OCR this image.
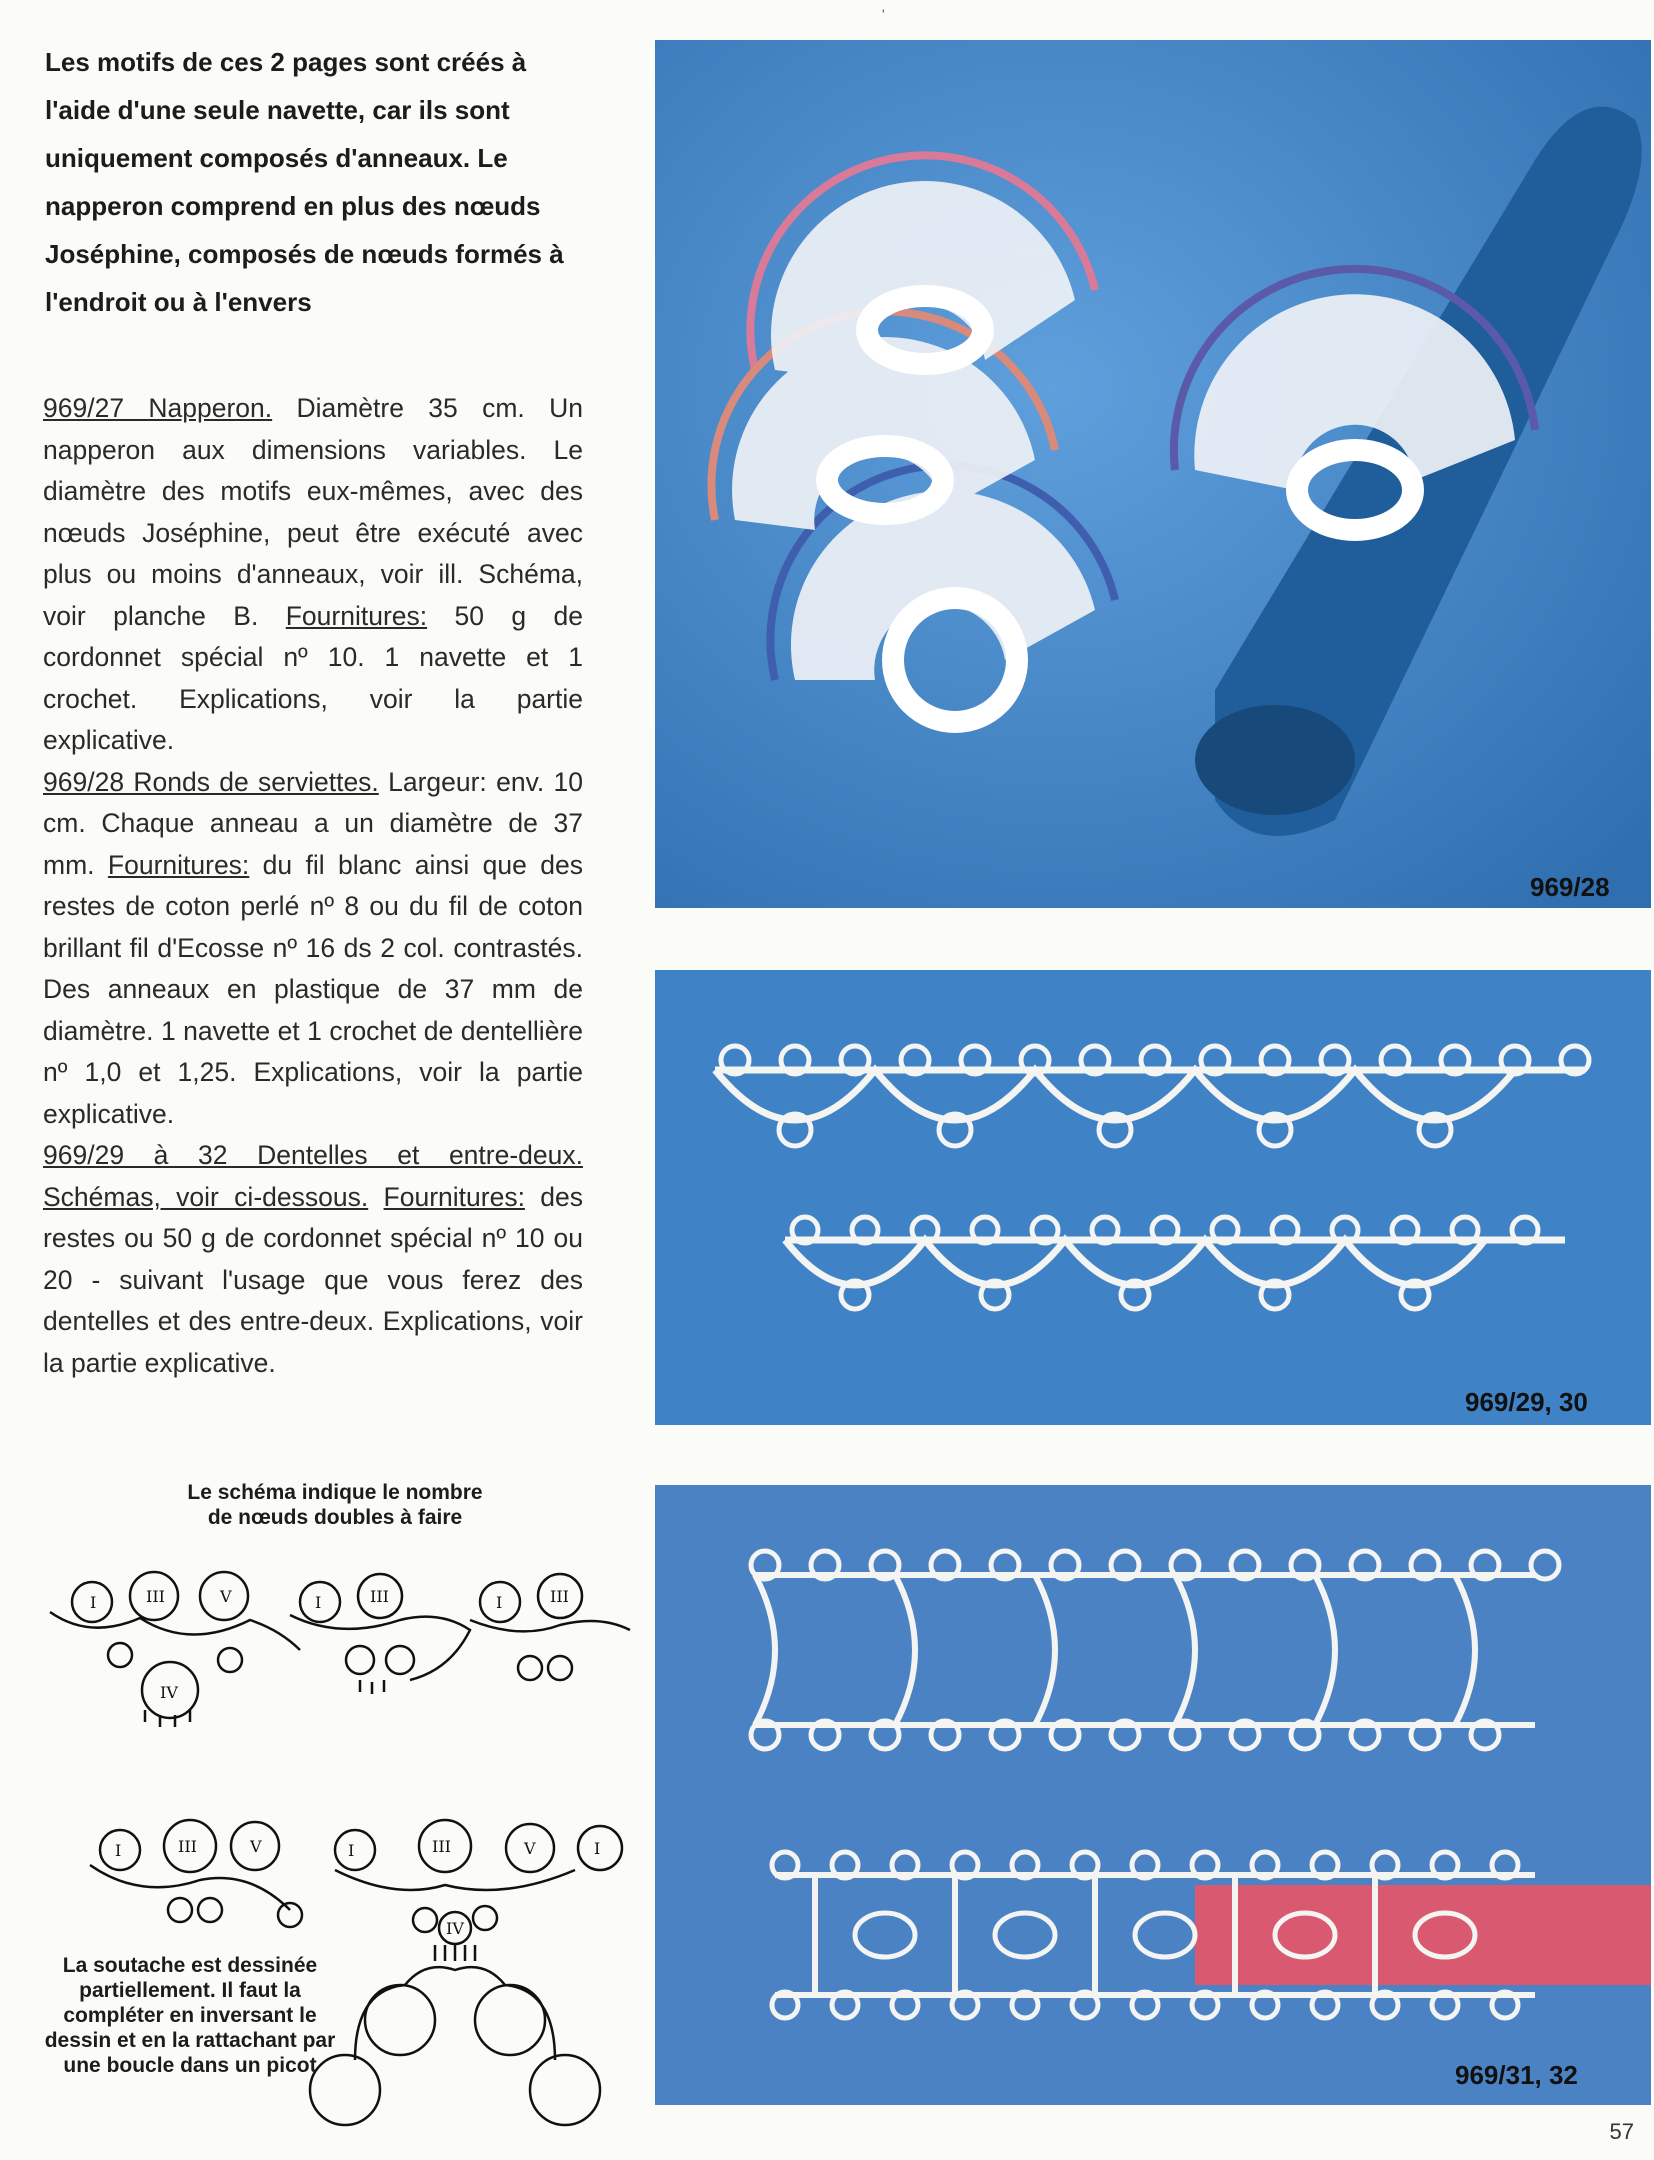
'

Les motifs de ces 2 pages sont créés à l'aide d'une seule navette, car ils sont uniquement composés d'anneaux. Le napperon comprend en plus des nœuds Joséphine, composés de nœuds formés à l'endroit ou à l'envers

969/27 Napperon. Diamètre 35 cm. Un napperon aux dimensions variables. Le diamètre des motifs eux-mêmes, avec des nœuds Joséphine, peut être exécuté avec plus ou moins d'anneaux, voir ill. Schéma, voir planche B. Fournitures: 50 g de cordonnet spécial nº 10. 1 navette et 1 crochet. Explications, voir la partie explicative.

969/28 Ronds de serviettes. Largeur: env. 10 cm. Chaque anneau a un diamètre de 37 mm. Fournitures: du fil blanc ainsi que des restes de coton perlé nº 8 ou du fil de coton brillant fil d'Ecosse nº 16 ds 2 col. contrastés. Des anneaux en plastique de 37 mm de diamètre. 1 navette et 1 crochet de dentellière nº 1,0 et 1,25. Explications, voir la partie explicative.

969/29 à 32 Dentelles et entre-deux. Schémas, voir ci-dessous. Fournitures: des restes ou 50 g de cordonnet spécial nº 10 ou 20 - suivant l'usage que vous ferez des dentelles et des entre-deux. Explications, voir la partie explicative.

Le schéma indique le nombre
de nœuds doubles à faire
I	III	V
IV
I	III	I	III
I	III	V	I	III	V	I
IV
La soutache est dessinée partiellement. Il faut la compléter en inversant le dessin et en la rattachant par une boucle dans un picot
969/28
969/29, 30
969/31, 32
57
